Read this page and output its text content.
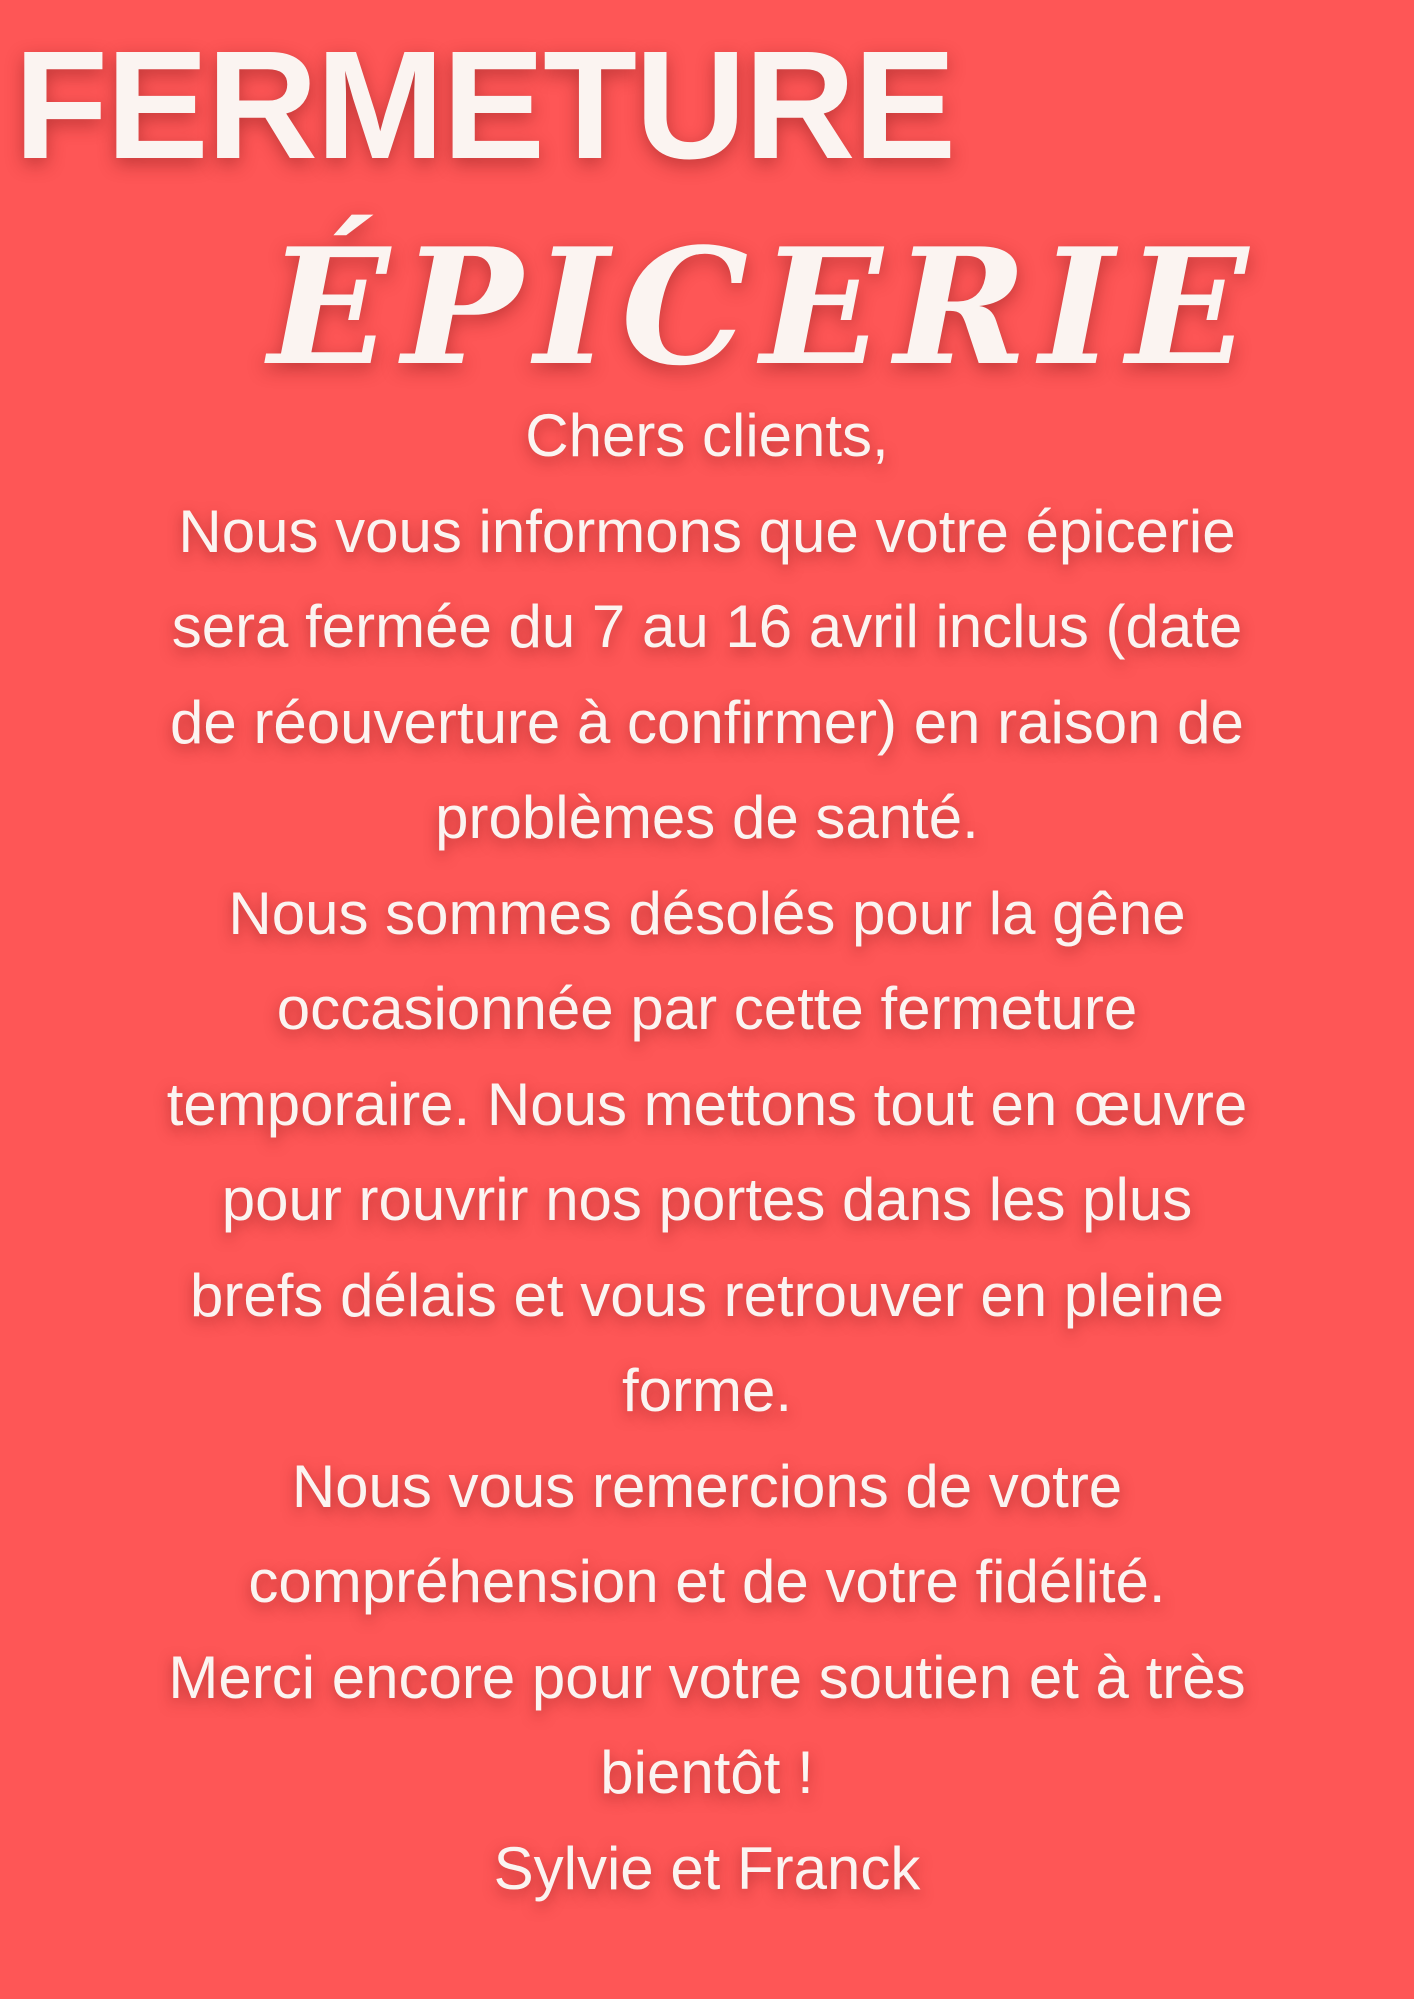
FERMETURE
ÉPICERIE
Chers clients,
Nous vous informons que votre épicerie
sera fermée du 7 au 16 avril inclus (date
de réouverture à confirmer) en raison de
problèmes de santé.
Nous sommes désolés pour la gêne
occasionnée par cette fermeture
temporaire. Nous mettons tout en œuvre
pour rouvrir nos portes dans les plus
brefs délais et vous retrouver en pleine
forme.
Nous vous remercions de votre
compréhension et de votre fidélité.
Merci encore pour votre soutien et à très
bientôt !
Sylvie et Franck
